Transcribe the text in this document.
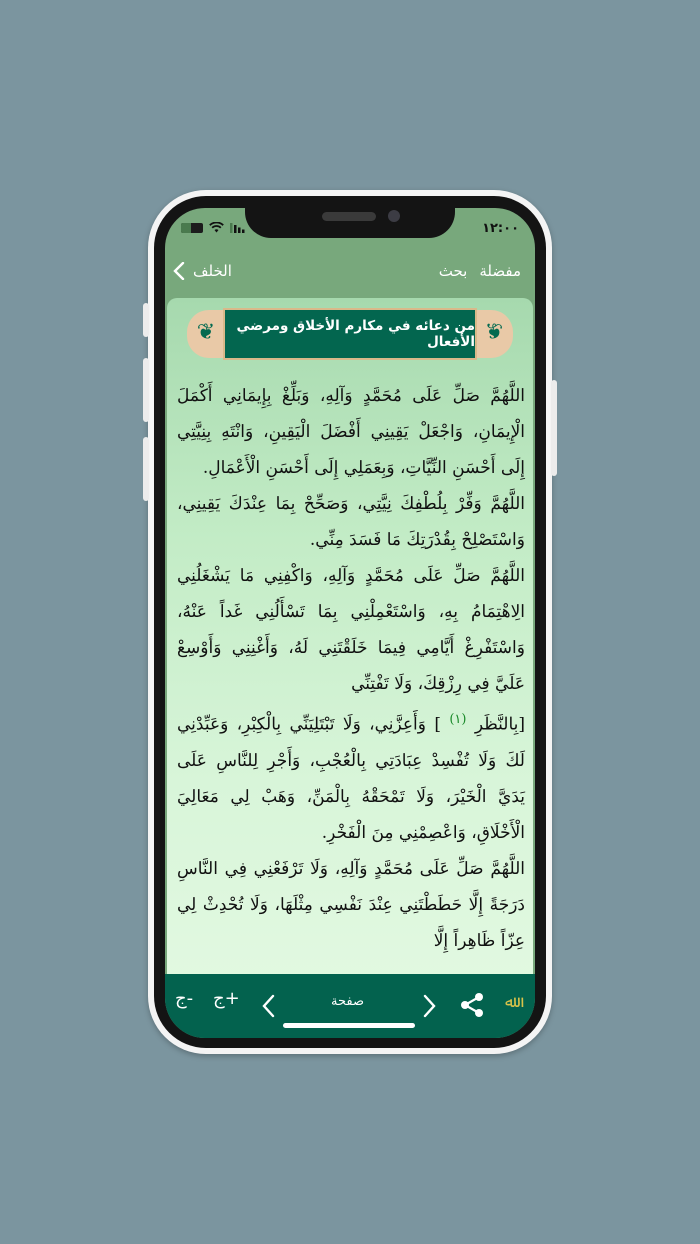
١٢:٠٠
الخلف	بحث مفضلة
❦	❦
من دعائه في مكارم الأخلاق ومرضي الأفعال

اللَّهُمَّ صَلِّ عَلَى مُحَمَّدٍ وَآلِهِ، وَبَلِّغْ بِإِيمَانِي أَكْمَلَ الْإِيمَانِ، وَاجْعَلْ يَقِينِي أَفْضَلَ الْيَقِينِ، وَانْتَهِ بِنِيَّتِي إِلَى أَحْسَنِ النِّيَّاتِ، وَبِعَمَلِي إِلَى أَحْسَنِ الْأَعْمَالِ.

اللَّهُمَّ وَفِّرْ بِلُطْفِكَ نِيَّتِي، وَصَحِّحْ بِمَا عِنْدَكَ يَقِينِي، وَاسْتَصْلِحْ بِقُدْرَتِكَ مَا فَسَدَ مِنِّي.

اللَّهُمَّ صَلِّ عَلَى مُحَمَّدٍ وَآلِهِ، وَاكْفِنِي مَا يَشْغَلُنِي الِاهْتِمَامُ بِهِ، وَاسْتَعْمِلْنِي بِمَا تَسْأَلُنِي غَداً عَنْهُ، وَاسْتَفْرِغْ أَيَّامِي فِيمَا خَلَقْتَنِي لَهُ، وَأَغْنِنِي وَأَوْسِعْ عَلَيَّ فِي رِزْقِكَ، وَلَا تَفْتِنِّي

[بِالنَّظَرِ $^{(١)}$ ] وَأَعِزَّنِي، وَلَا تَبْتَلِيَنِّي بِالْكِبْرِ، وَعَبِّدْنِي لَكَ وَلَا تُفْسِدْ عِبَادَتِي بِالْعُجْبِ، وَأَجْرِ لِلنَّاسِ عَلَى يَدَيَّ الْخَيْرَ، وَلَا تَمْحَقْهُ بِالْمَنِّ، وَهَبْ لِي مَعَالِيَ الْأَخْلَاقِ، وَاعْصِمْنِي مِنَ الْفَخْرِ.

اللَّهُمَّ صَلِّ عَلَى مُحَمَّدٍ وَآلِهِ، وَلَا تَرْفَعْنِي فِي النَّاسِ دَرَجَةً إِلَّا حَطَطْتَنِي عِنْدَ نَفْسِي مِثْلَهَا، وَلَا تُحْدِثْ لِي عِزّاً ظَاهِراً إِلَّا

ج- ج+	صفحة	ﷲ
